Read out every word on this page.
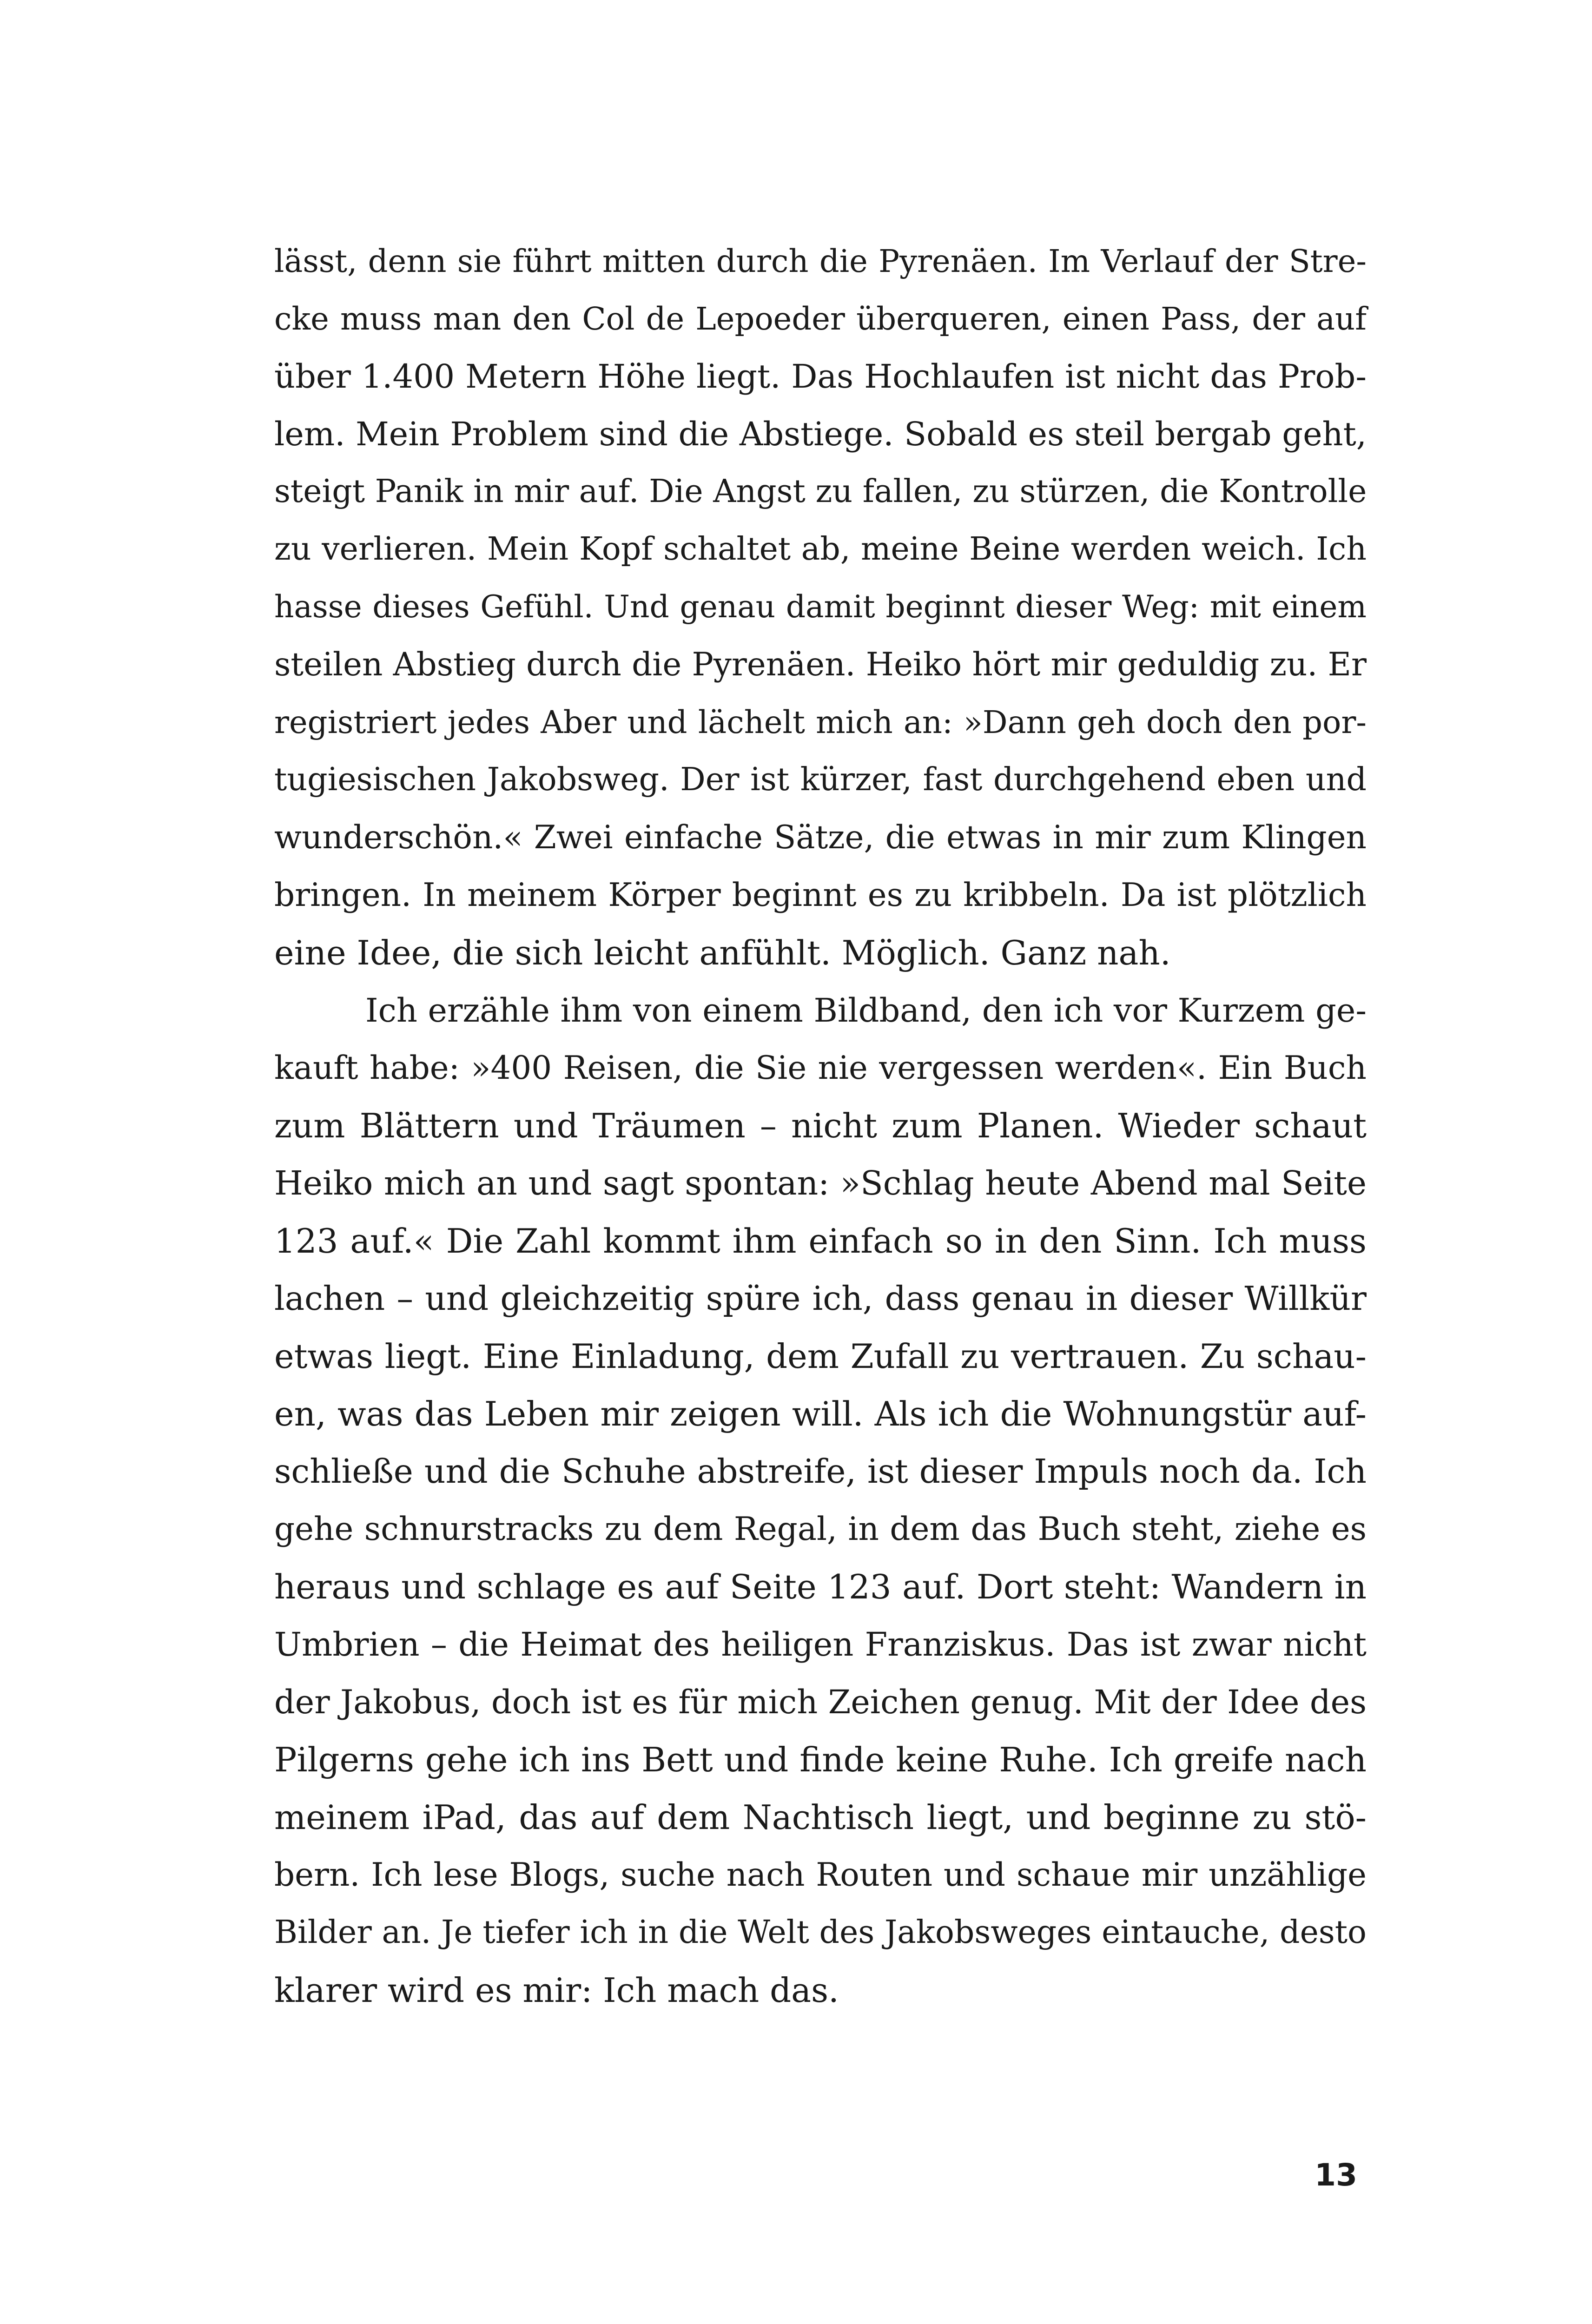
lässt, denn sie führt mitten durch die Pyrenäen. Im Verlauf der Stre-
cke muss man den Col de Lepoeder überqueren, einen Pass, der auf
über 1.400 Metern Höhe liegt. Das Hochlaufen ist nicht das Prob-
lem. Mein Problem sind die Abstiege. Sobald es steil bergab geht,
steigt Panik in mir auf. Die Angst zu fallen, zu stürzen, die Kontrolle
zu verlieren. Mein Kopf schaltet ab, meine Beine werden weich. Ich
hasse dieses Gefühl. Und genau damit beginnt dieser Weg: mit einem
steilen Abstieg durch die Pyrenäen. Heiko hört mir geduldig zu. Er
registriert jedes Aber und lächelt mich an: »Dann geh doch den por-
tugiesischen Jakobsweg. Der ist kürzer, fast durchgehend eben und
wunderschön.« Zwei einfache Sätze, die etwas in mir zum Klingen
bringen. In meinem Körper beginnt es zu kribbeln. Da ist plötzlich
eine Idee, die sich leicht anfühlt. Möglich. Ganz nah.
Ich erzähle ihm von einem Bildband, den ich vor Kurzem ge-
kauft habe: »400 Reisen, die Sie nie vergessen werden«. Ein Buch
zum Blättern und Träumen – nicht zum Planen. Wieder schaut
Heiko mich an und sagt spontan: »Schlag heute Abend mal Seite
123 auf.« Die Zahl kommt ihm einfach so in den Sinn. Ich muss
lachen – und gleichzeitig spüre ich, dass genau in dieser Willkür
etwas liegt. Eine Einladung, dem Zufall zu vertrauen. Zu schau-
en, was das Leben mir zeigen will. Als ich die Wohnungstür auf-
schließe und die Schuhe abstreife, ist dieser Impuls noch da. Ich
gehe schnurstracks zu dem Regal, in dem das Buch steht, ziehe es
heraus und schlage es auf Seite 123 auf. Dort steht: Wandern in
Umbrien – die Heimat des heiligen Franziskus. Das ist zwar nicht
der Jakobus, doch ist es für mich Zeichen genug. Mit der Idee des
Pilgerns gehe ich ins Bett und finde keine Ruhe. Ich greife nach
meinem iPad, das auf dem Nachtisch liegt, und beginne zu stö-
bern. Ich lese Blogs, suche nach Routen und schaue mir unzählige
Bilder an. Je tiefer ich in die Welt des Jakobsweges eintauche, desto
klarer wird es mir: Ich mach das.
13
